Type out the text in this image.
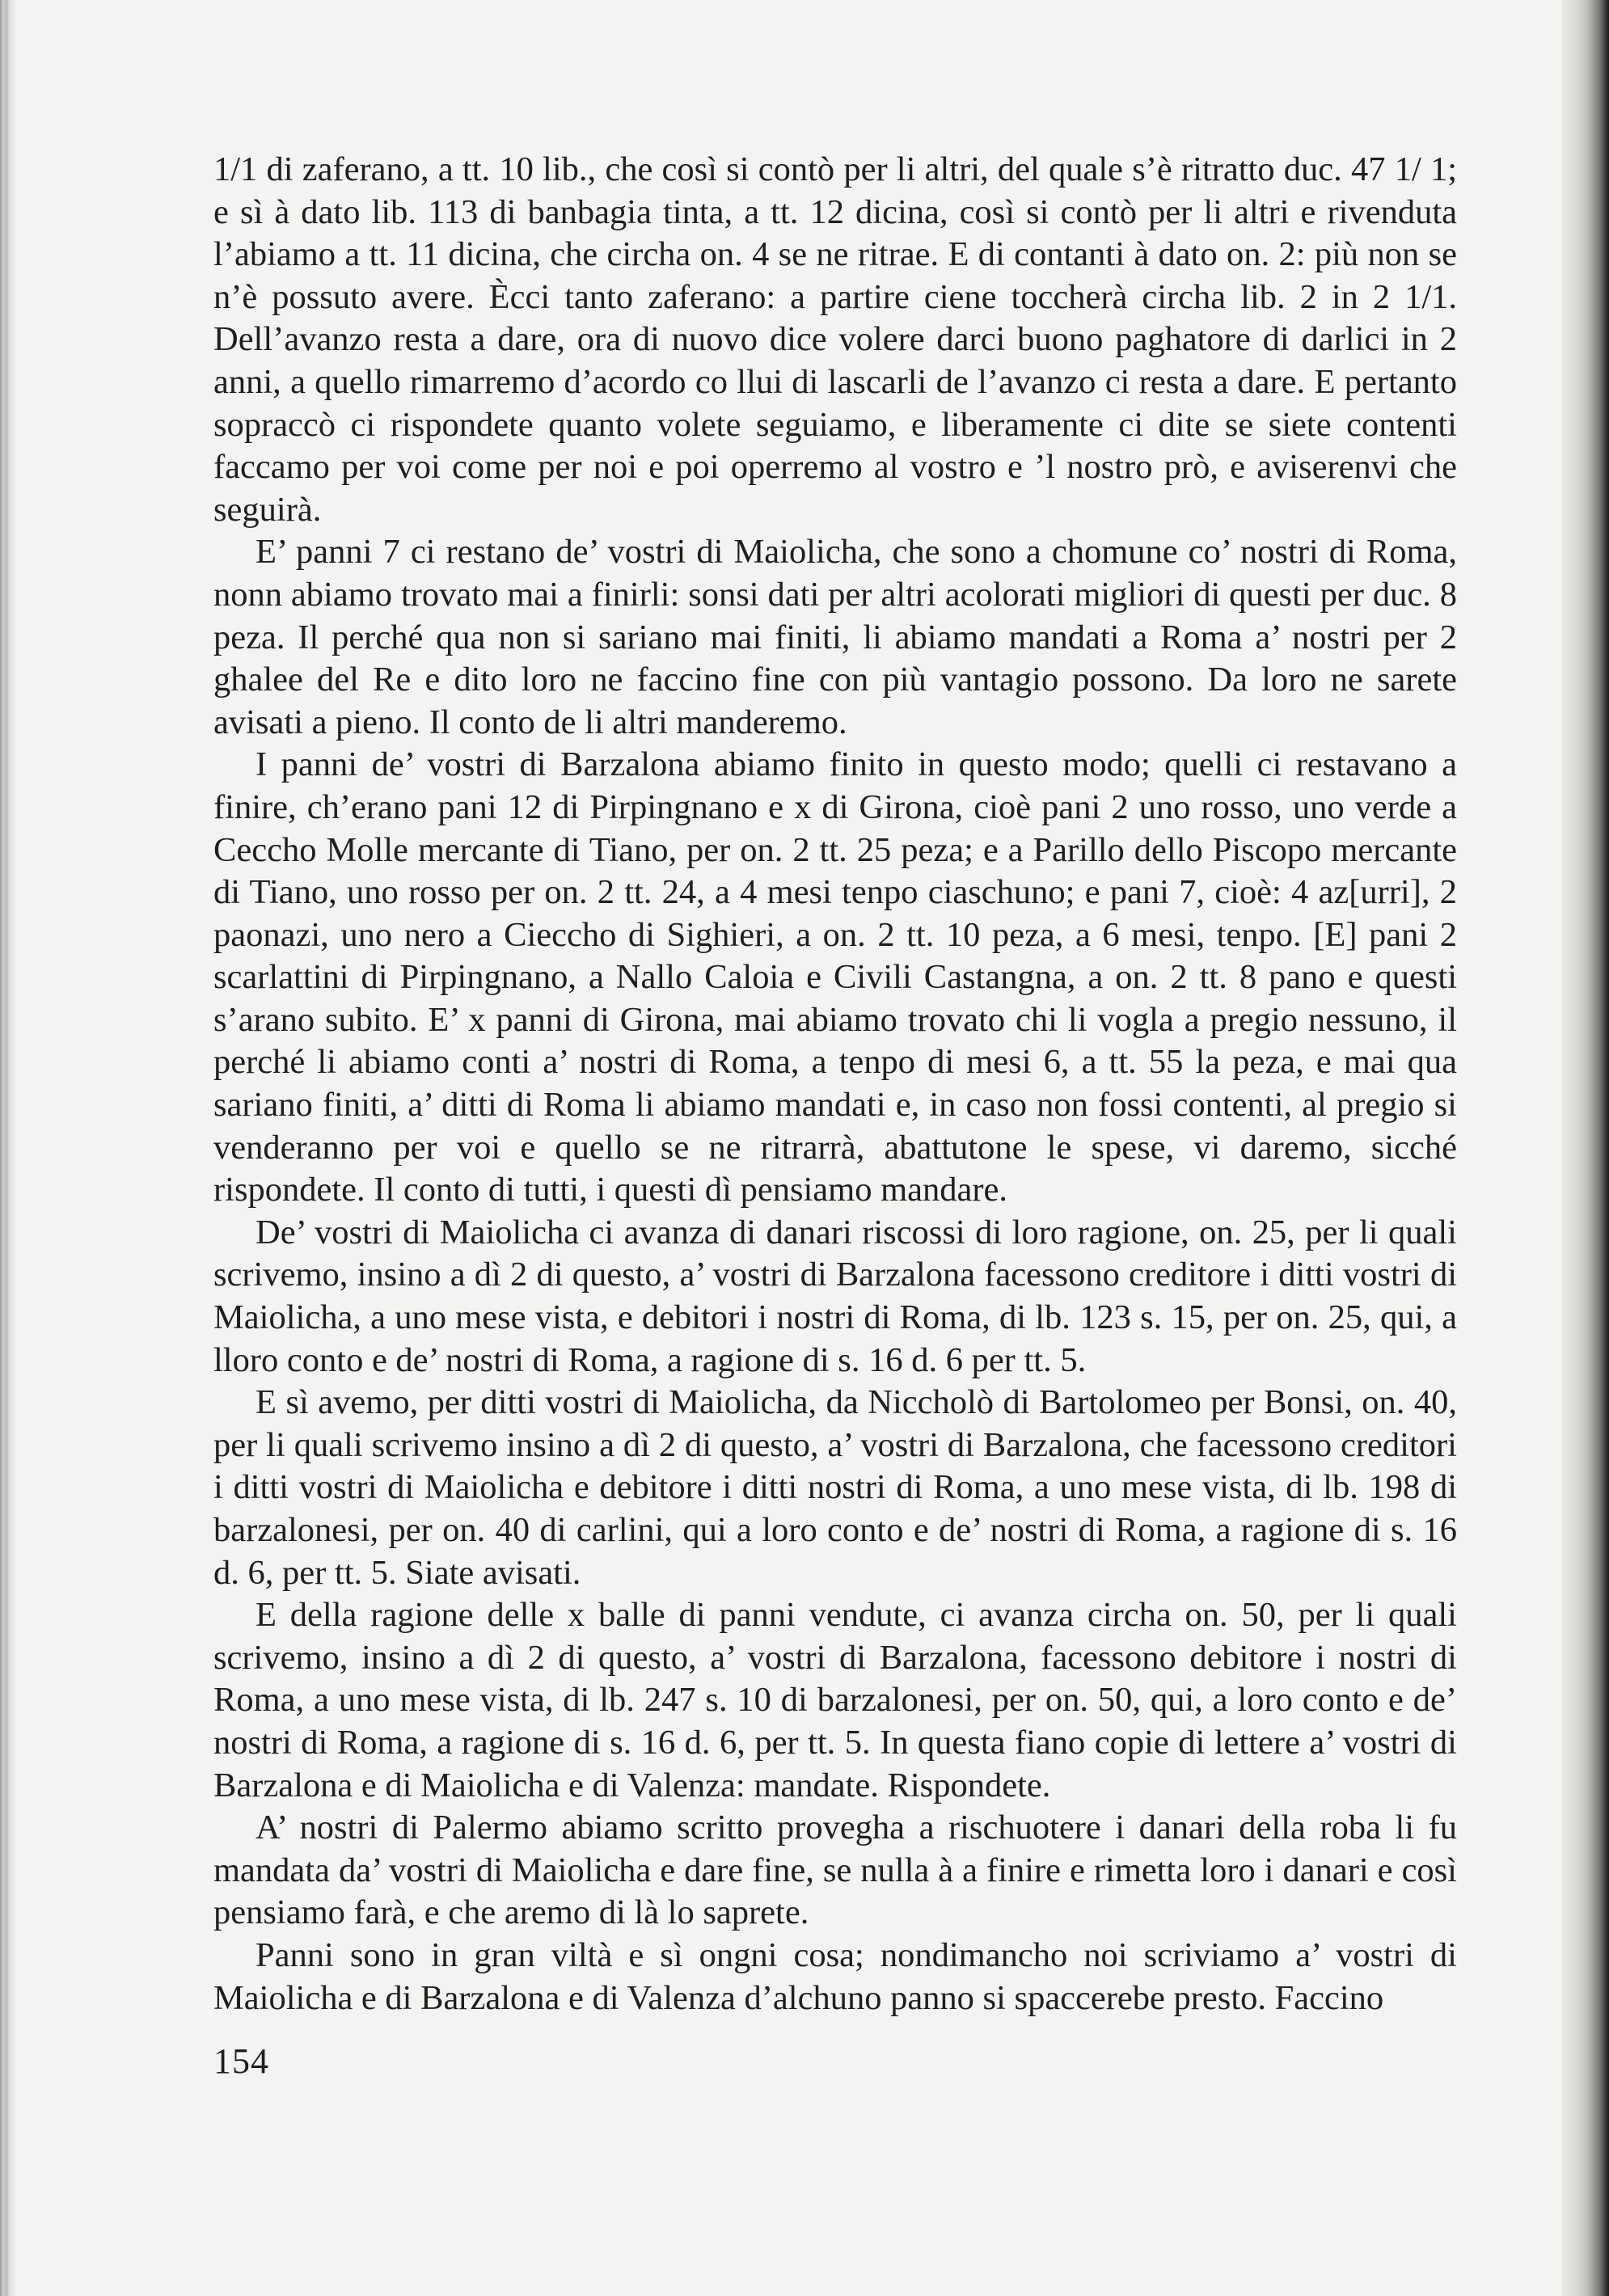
1/1 di zaferano, a tt. 10 lib., che così si contò per li altri, del quale s’è ritratto duc. 47 1/ 1; e sì à dato lib. 113 di banbagia tinta, a tt. 12 dicina, così si contò per li altri e rivenduta l’abiamo a tt. 11 dicina, che circha on. 4 se ne ritrae. E di contanti à dato on. 2: più non se n’è possuto avere. Ècci tanto zaferano: a partire ciene toccherà circha lib. 2 in 2 1/1. Dell’avanzo resta a dare, ora di nuovo dice volere darci buono paghatore di darlici in 2 anni, a quello rimarremo d’acordo co llui di lascarli de l’avanzo ci resta a dare. E pertanto sopraccò ci rispondete quanto volete seguiamo, e liberamente ci dite se siete contenti faccamo per voi come per noi e poi operremo al vostro e ’l nostro prò, e aviserenvi che seguirà.

E’ panni 7 ci restano de’ vostri di Maiolicha, che sono a chomune co’ nostri di Roma, nonn abiamo trovato mai a finirli: sonsi dati per altri acolorati migliori di questi per duc. 8 peza. Il perché qua non si sariano mai finiti, li abiamo mandati a Roma a’ nostri per 2 ghalee del Re e dito loro ne faccino fine con più vantagio possono. Da loro ne sarete avisati a pieno. Il conto de li altri manderemo.

I panni de’ vostri di Barzalona abiamo finito in questo modo; quelli ci restavano a finire, ch’erano pani 12 di Pirpingnano e x di Girona, cioè pani 2 uno rosso, uno verde a Ceccho Molle mercante di Tiano, per on. 2 tt. 25 peza; e a Parillo dello Piscopo mercante di Tiano, uno rosso per on. 2 tt. 24, a 4 mesi tenpo ciaschuno; e pani 7, cioè: 4 az[urri], 2 paonazi, uno nero a Ciecchо di Sighieri, a on. 2 tt. 10 peza, a 6 mesi, tenpo. [E] pani 2 scarlattini di Pirpingnano, a Nallo Caloia e Civili Castangna, a on. 2 tt. 8 pano e questi s’arano subito. E’ x panni di Girona, mai abiamo trovato chi li vogla a pregio nessuno, il perché li abiamo conti a’ nostri di Roma, a tenpo di mesi 6, a tt. 55 la peza, e mai qua sariano finiti, a’ ditti di Roma li abiamo mandati e, in caso non fossi contenti, al pregio si venderanno per voi e quello se ne ritrarrà, abattutone le spese, vi daremo, sicché rispondete. Il conto di tutti, i questi dì pensiamo mandare.

De’ vostri di Maiolicha ci avanza di danari riscossi di loro ragione, on. 25, per li quali scrivemo, insino a dì 2 di questo, a’ vostri di Barzalona facessono creditore i ditti vostri di Maiolicha, a uno mese vista, e debitori i nostri di Roma, di lb. 123 s. 15, per on. 25, qui, a lloro conto e de’ nostri di Roma, a ragione di s. 16 d. 6 per tt. 5.

E sì avemo, per ditti vostri di Maiolicha, da Nicchоlò di Bartolomeo per Bonsi, on. 40, per li quali scrivemo insino a dì 2 di questo, a’ vostri di Barzalona, che facessono creditori i ditti vostri di Maiolicha e debitore i ditti nostri di Roma, a uno mese vista, di lb. 198 di barzalonesi, per on. 40 di carlini, qui a loro conto e de’ nostri di Roma, a ragione di s. 16 d. 6, per tt. 5. Siate avisati.

E della ragione delle x balle di panni vendute, ci avanza circha on. 50, per li quali scrivemo, insino a dì 2 di questo, a’ vostri di Barzalona, facessono debitore i nostri di Roma, a uno mese vista, di lb. 247 s. 10 di barzalonesi, per on. 50, qui, a loro conto e de’ nostri di Roma, a ragione di s. 16 d. 6, per tt. 5. In questa fiano copie di lettere a’ vostri di Barzalona e di Maiolicha e di Valenza: mandate. Rispondete.

A’ nostri di Palermo abiamo scritto proveghа a rischuotere i danari della roba li fu mandata da’ vostri di Maiolicha e dare fine, se nulla à a finire e rimetta loro i danari e così pensiamo farà, e che aremo di là lo saprete.

Panni sono in gran viltà e sì ongni cosa; nondimancho noi scriviamo a’ vostri di Maiolicha e di Barzalona e di Valenza d’alchuno panno si spaccerebe presto. Faccino

154
